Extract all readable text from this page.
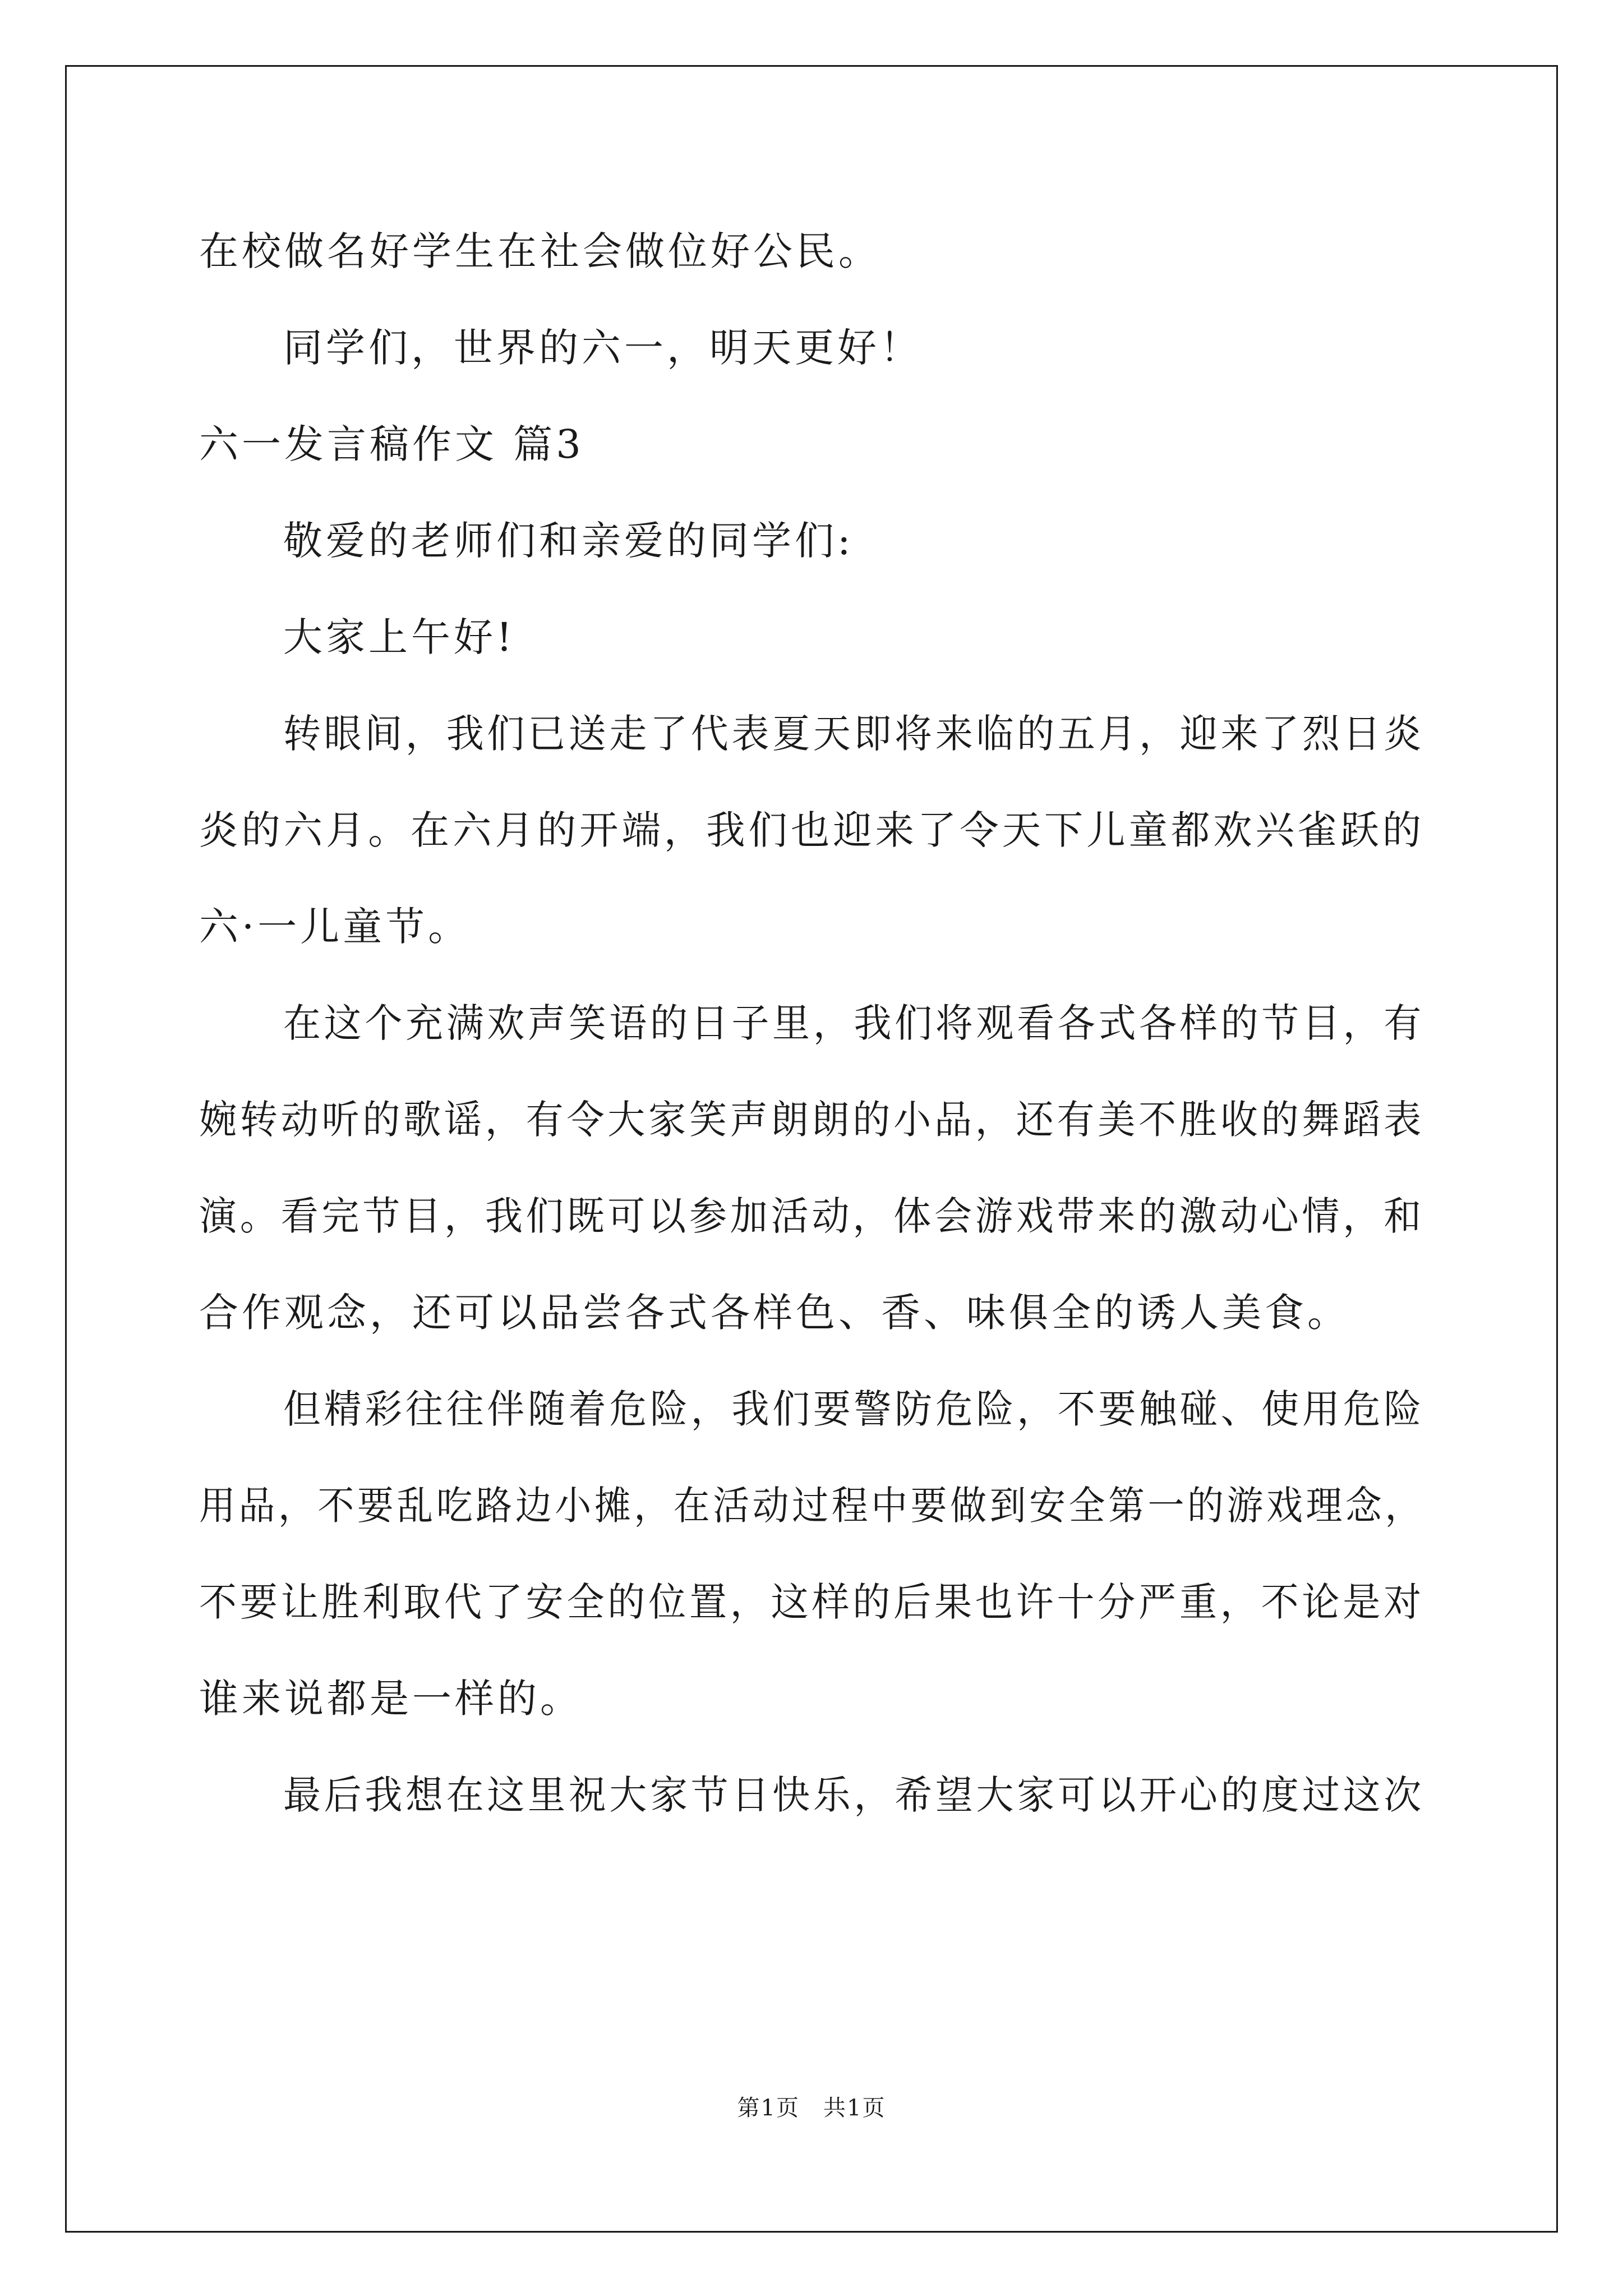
在校做名好学生在社会做位好公民。
同学们，世界的六一，明天更好！
六一发言稿作文 篇3
敬爱的老师们和亲爱的同学们:
大家上午好!
转眼间，我们已送走了代表夏天即将来临的五月，迎来了烈日炎
炎的六月。在六月的开端，我们也迎来了令天下儿童都欢兴雀跃的
六·一儿童节。
在这个充满欢声笑语的日子里，我们将观看各式各样的节目，有
婉转动听的歌谣，有令大家笑声朗朗的小品，还有美不胜收的舞蹈表
演。看完节目，我们既可以参加活动，体会游戏带来的激动心情，和
合作观念，还可以品尝各式各样色、香、味俱全的诱人美食。
但精彩往往伴随着危险，我们要警防危险，不要触碰、使用危险
用品，不要乱吃路边小摊，在活动过程中要做到安全第一的游戏理念，
不要让胜利取代了安全的位置，这样的后果也许十分严重，不论是对
谁来说都是一样的。
最后我想在这里祝大家节日快乐，希望大家可以开心的度过这次
第1页　共1页
